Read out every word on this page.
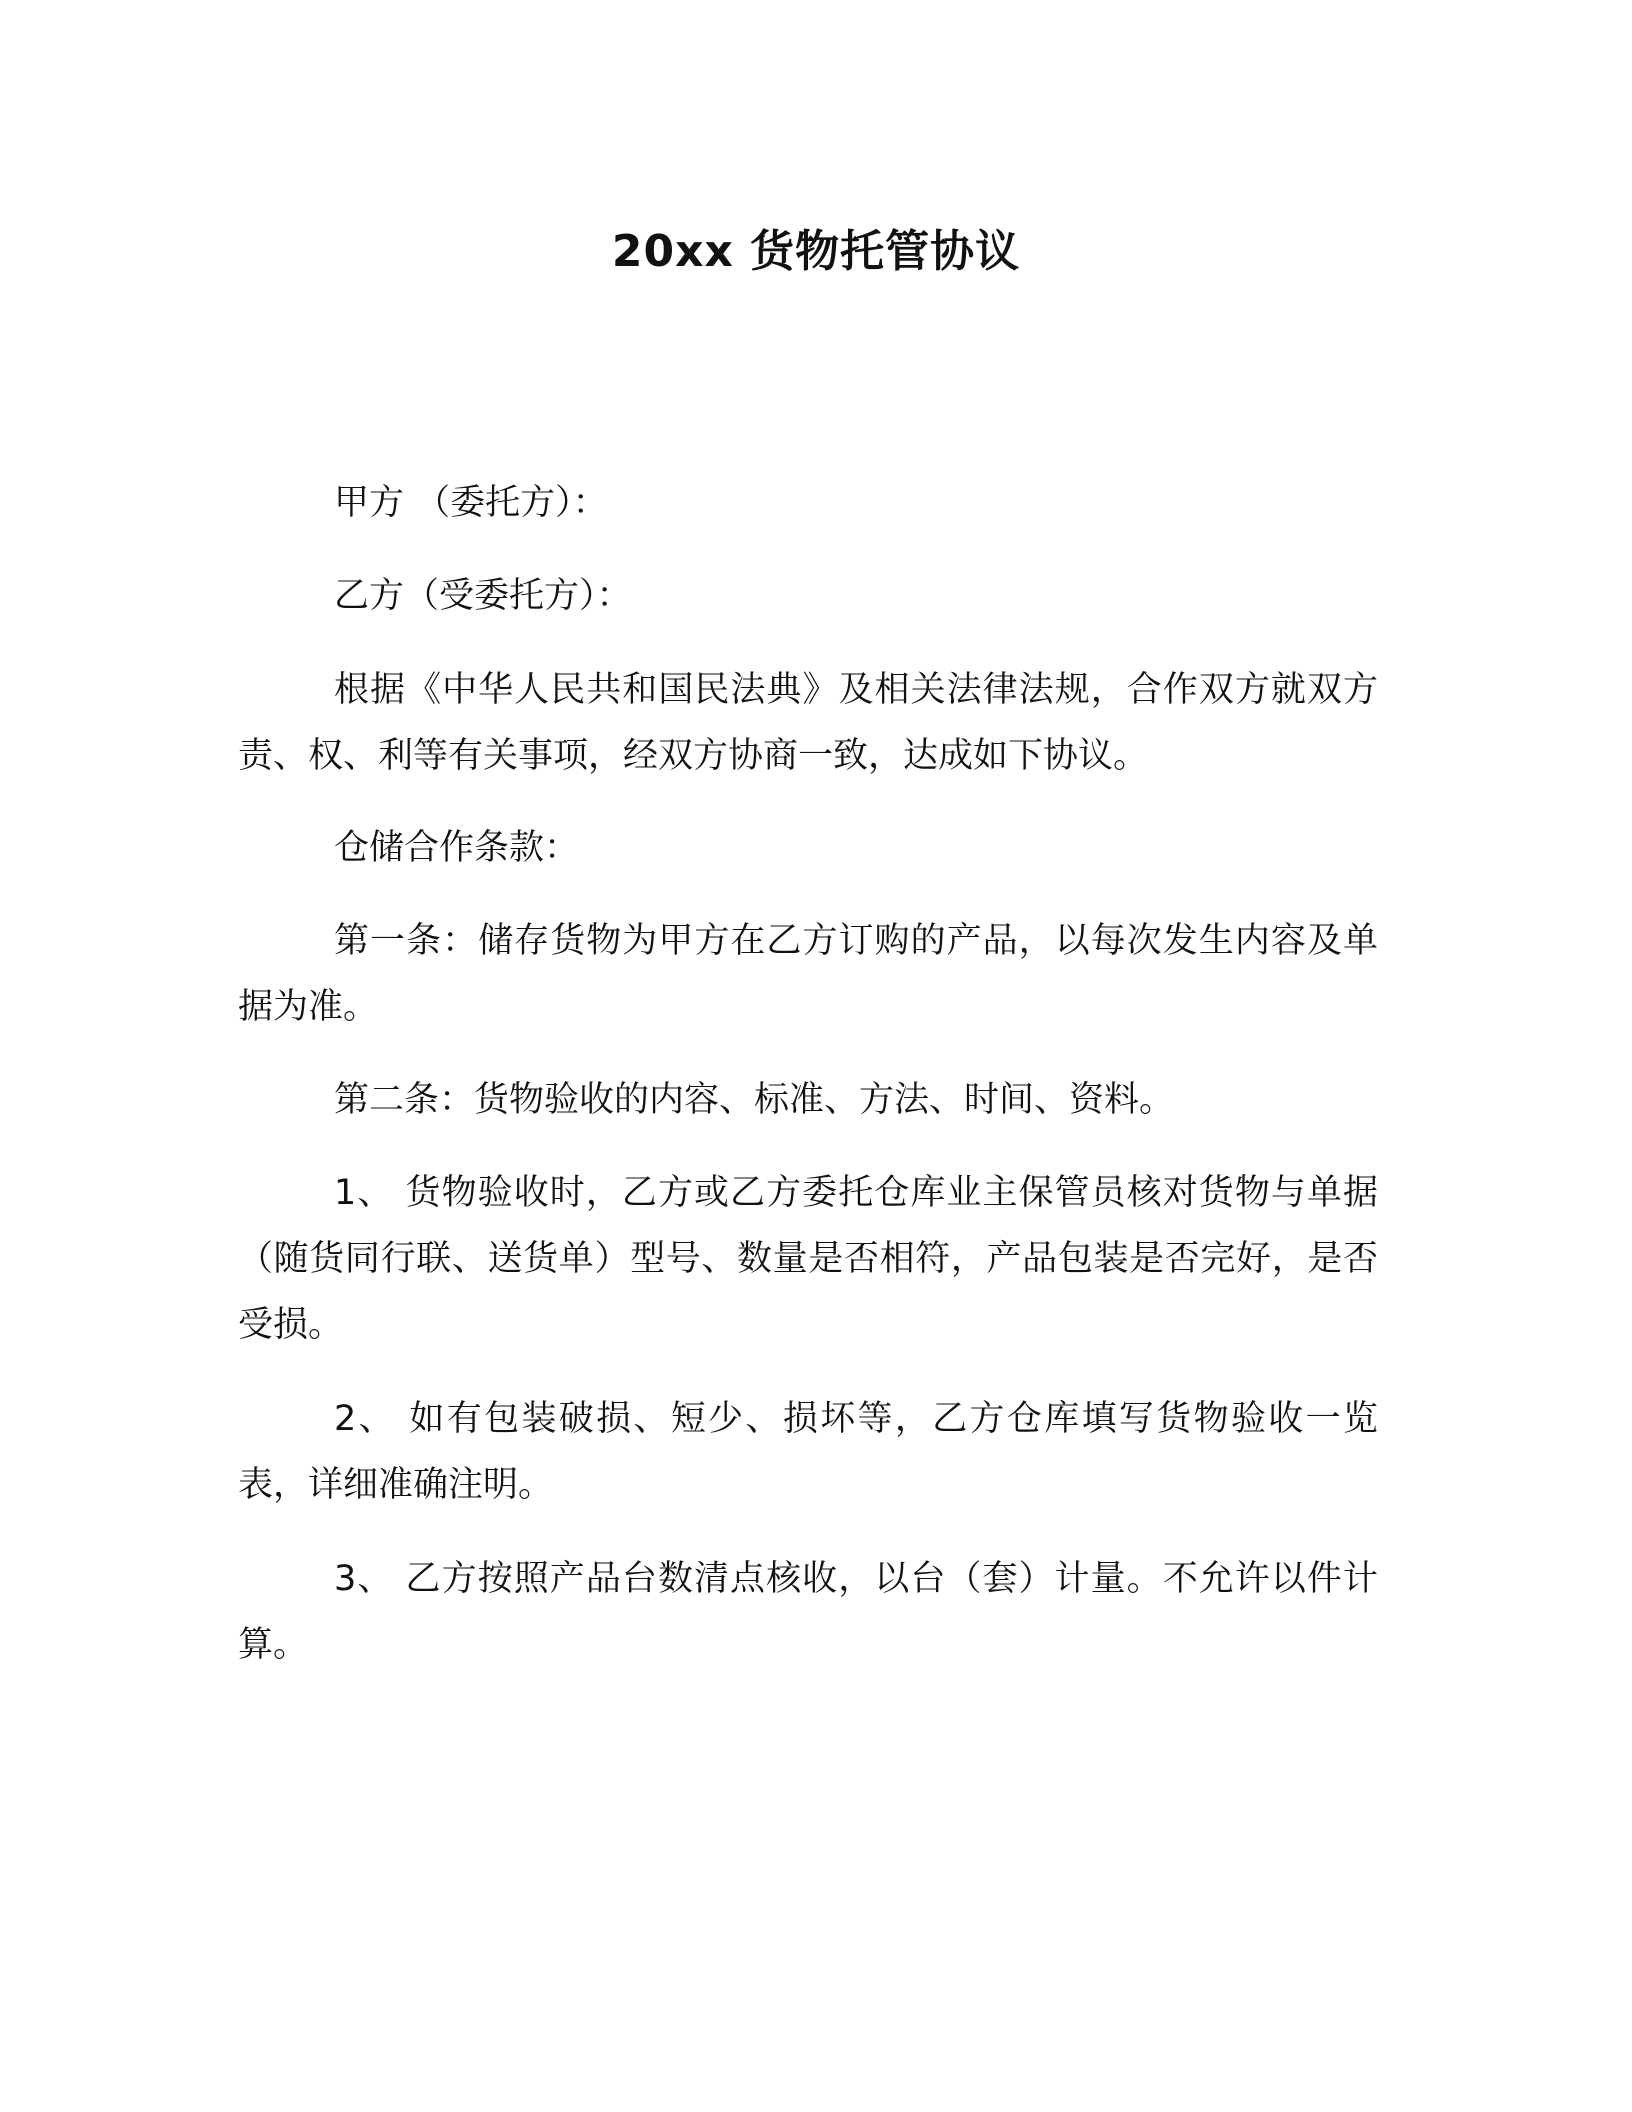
20xx 货物托管协议

甲方 （委托方）：

乙方（受委托方）：

根据《中华人民共和国民法典》及相关法律法规，合作双方就双方责、权、利等有关事项，经双方协商一致，达成如下协议。

仓储合作条款：

第一条：储存货物为甲方在乙方订购的产品，以每次发生内容及单据为准。

第二条：货物验收的内容、标准、方法、时间、资料。

1、 货物验收时，乙方或乙方委托仓库业主保管员核对货物与单据（随货同行联、送货单）型号、数量是否相符，产品包装是否完好，是否受损。

2、 如有包装破损、短少、损坏等，乙方仓库填写货物验收一览表，详细准确注明。

3、 乙方按照产品台数清点核收，以台（套）计量。不允许以件计算。
